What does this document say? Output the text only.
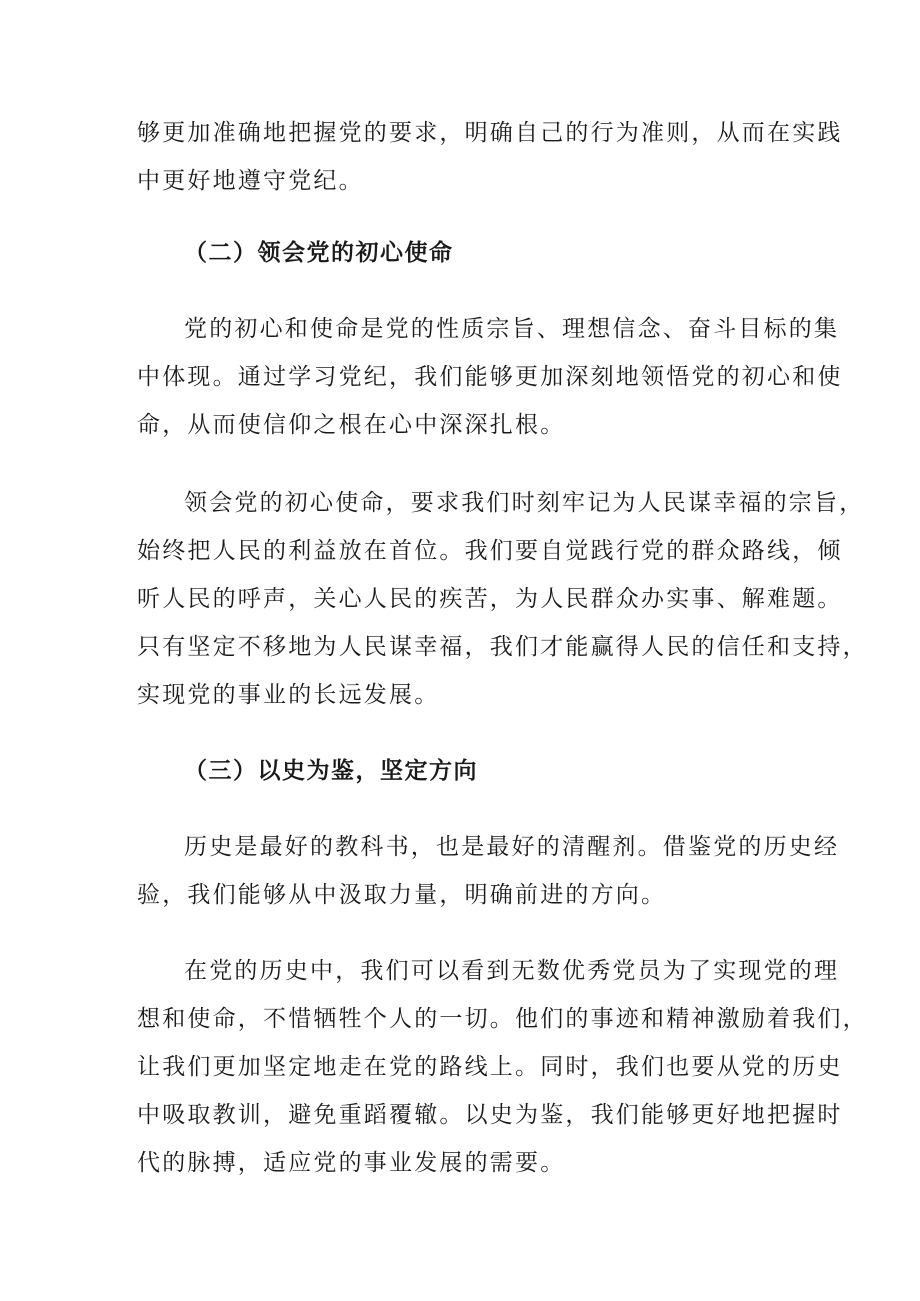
够更加准确地把握党的要求，明确自己的行为准则，从而在实践
中更好地遵守党纪。
（二）领会党的初心使命
党的初心和使命是党的性质宗旨、理想信念、奋斗目标的集
中体现。通过学习党纪，我们能够更加深刻地领悟党的初心和使
命，从而使信仰之根在心中深深扎根。
领会党的初心使命，要求我们时刻牢记为人民谋幸福的宗旨，
始终把人民的利益放在首位。我们要自觉践行党的群众路线，倾
听人民的呼声，关心人民的疾苦，为人民群众办实事、解难题。
只有坚定不移地为人民谋幸福，我们才能赢得人民的信任和支持，
实现党的事业的长远发展。
（三）以史为鉴，坚定方向
历史是最好的教科书，也是最好的清醒剂。借鉴党的历史经
验，我们能够从中汲取力量，明确前进的方向。
在党的历史中，我们可以看到无数优秀党员为了实现党的理
想和使命，不惜牺牲个人的一切。他们的事迹和精神激励着我们，
让我们更加坚定地走在党的路线上。同时，我们也要从党的历史
中吸取教训，避免重蹈覆辙。以史为鉴，我们能够更好地把握时
代的脉搏，适应党的事业发展的需要。
